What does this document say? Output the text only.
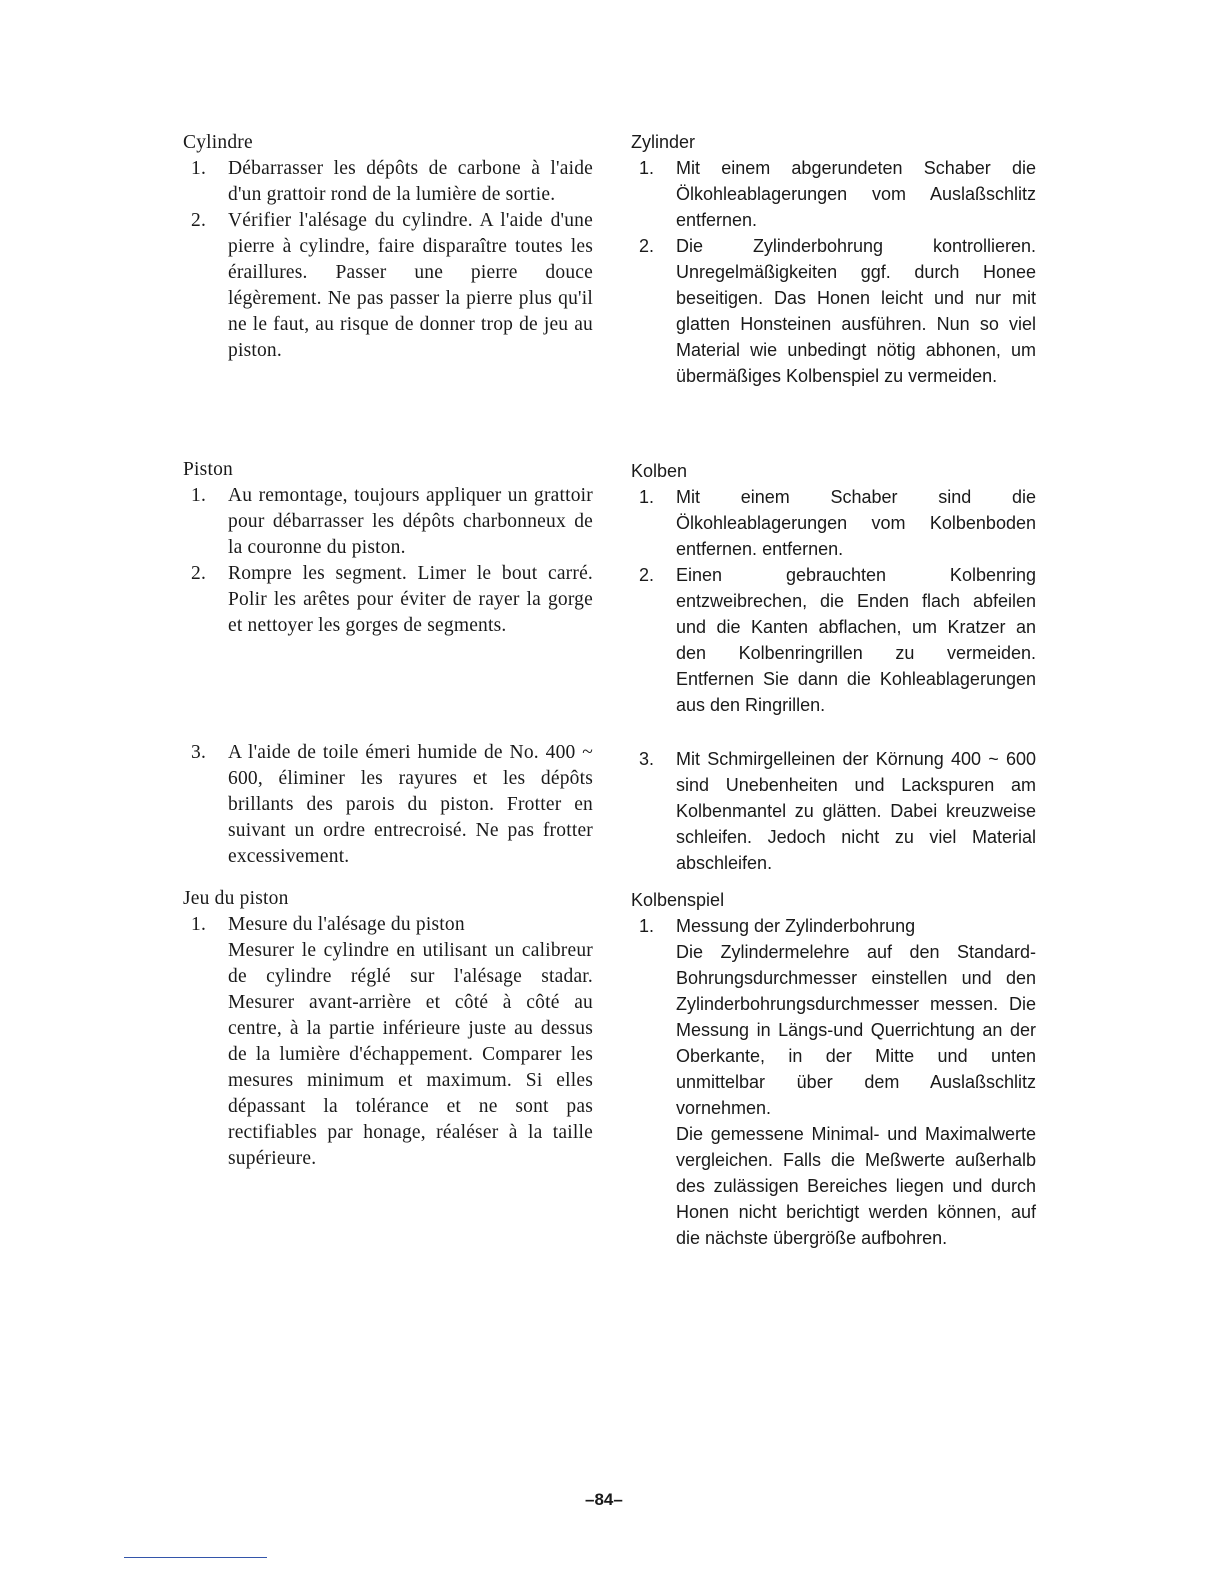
Cylindre

1.	Débarrasser les dépôts de carbone à l'aide d'un grattoir rond de la lumière de sortie.
2.	Vérifier l'alésage du cylindre. A l'aide d'une pierre à cylindre, faire disparaître toutes les éraillures. Passer une pierre douce légèrement. Ne pas passer la pierre plus qu'il ne le faut, au risque de donner trop de jeu au piston.

Piston

1.	Au remontage, toujours appliquer un grattoir pour débarrasser les dépôts charbonneux de la couronne du piston.
2.	Rompre les segment. Limer le bout carré. Polir les arêtes pour éviter de rayer la gorge et nettoyer les gorges de segments.
3.	A l'aide de toile émeri humide de No. 400 ~ 600, éliminer les rayures et les dépôts brillants des parois du piston. Frotter en suivant un ordre entrecroisé. Ne pas frotter excessivement.

Jeu du piston

1.	Mesure du l'alésage du piston
Mesurer le cylindre en utilisant un calibreur de cylindre réglé sur l'alésage stadar. Mesurer avant-arrière et côté à côté au centre, à la partie inférieure juste au dessus de la lumière d'échappement. Comparer les mesures minimum et maximum. Si elles dépassant la tolérance et ne sont pas rectifiables par honage, réaléser à la taille supérieure.

Zylinder

1.	Mit einem abgerundeten Schaber die Ölkohleablagerungen vom Auslaßschlitz entfernen.
2.	Die Zylinderbohrung kontrollieren. Unregelmäßigkeiten ggf. durch Honee beseitigen. Das Honen leicht und nur mit glatten Honsteinen ausführen. Nun so viel Material wie unbedingt nötig abhonen, um übermäßiges Kolbenspiel zu vermeiden.

Kolben

1.	Mit einem Schaber sind die Ölkohleablagerungen vom Kolbenboden entfernen. entfernen.
2.	Einen gebrauchten Kolbenring entzweibrechen, die Enden flach abfeilen und die Kanten abflachen, um Kratzer an den Kolbenringrillen zu vermeiden. Entfernen Sie dann die Kohleablagerungen aus den Ringrillen.
3.	Mit Schmirgelleinen der Körnung 400 ~ 600 sind Unebenheiten und Lackspuren am Kolbenmantel zu glätten. Dabei kreuzweise schleifen. Jedoch nicht zu viel Material abschleifen.

Kolbenspiel

1.	Messung der Zylinderbohrung
Die Zylindermelehre auf den Standard-Bohrungsdurchmesser einstellen und den Zylinderbohrungsdurchmesser messen. Die Messung in Längs-und Querrichtung an der Oberkante, in der Mitte und unten unmittelbar über dem Auslaßschlitz vornehmen.
Die gemessene Minimal- und Maximalwerte vergleichen. Falls die Meßwerte außerhalb des zulässigen Bereiches liegen und durch Honen nicht berichtigt werden können, auf die nächste übergröße aufbohren.
–84–
